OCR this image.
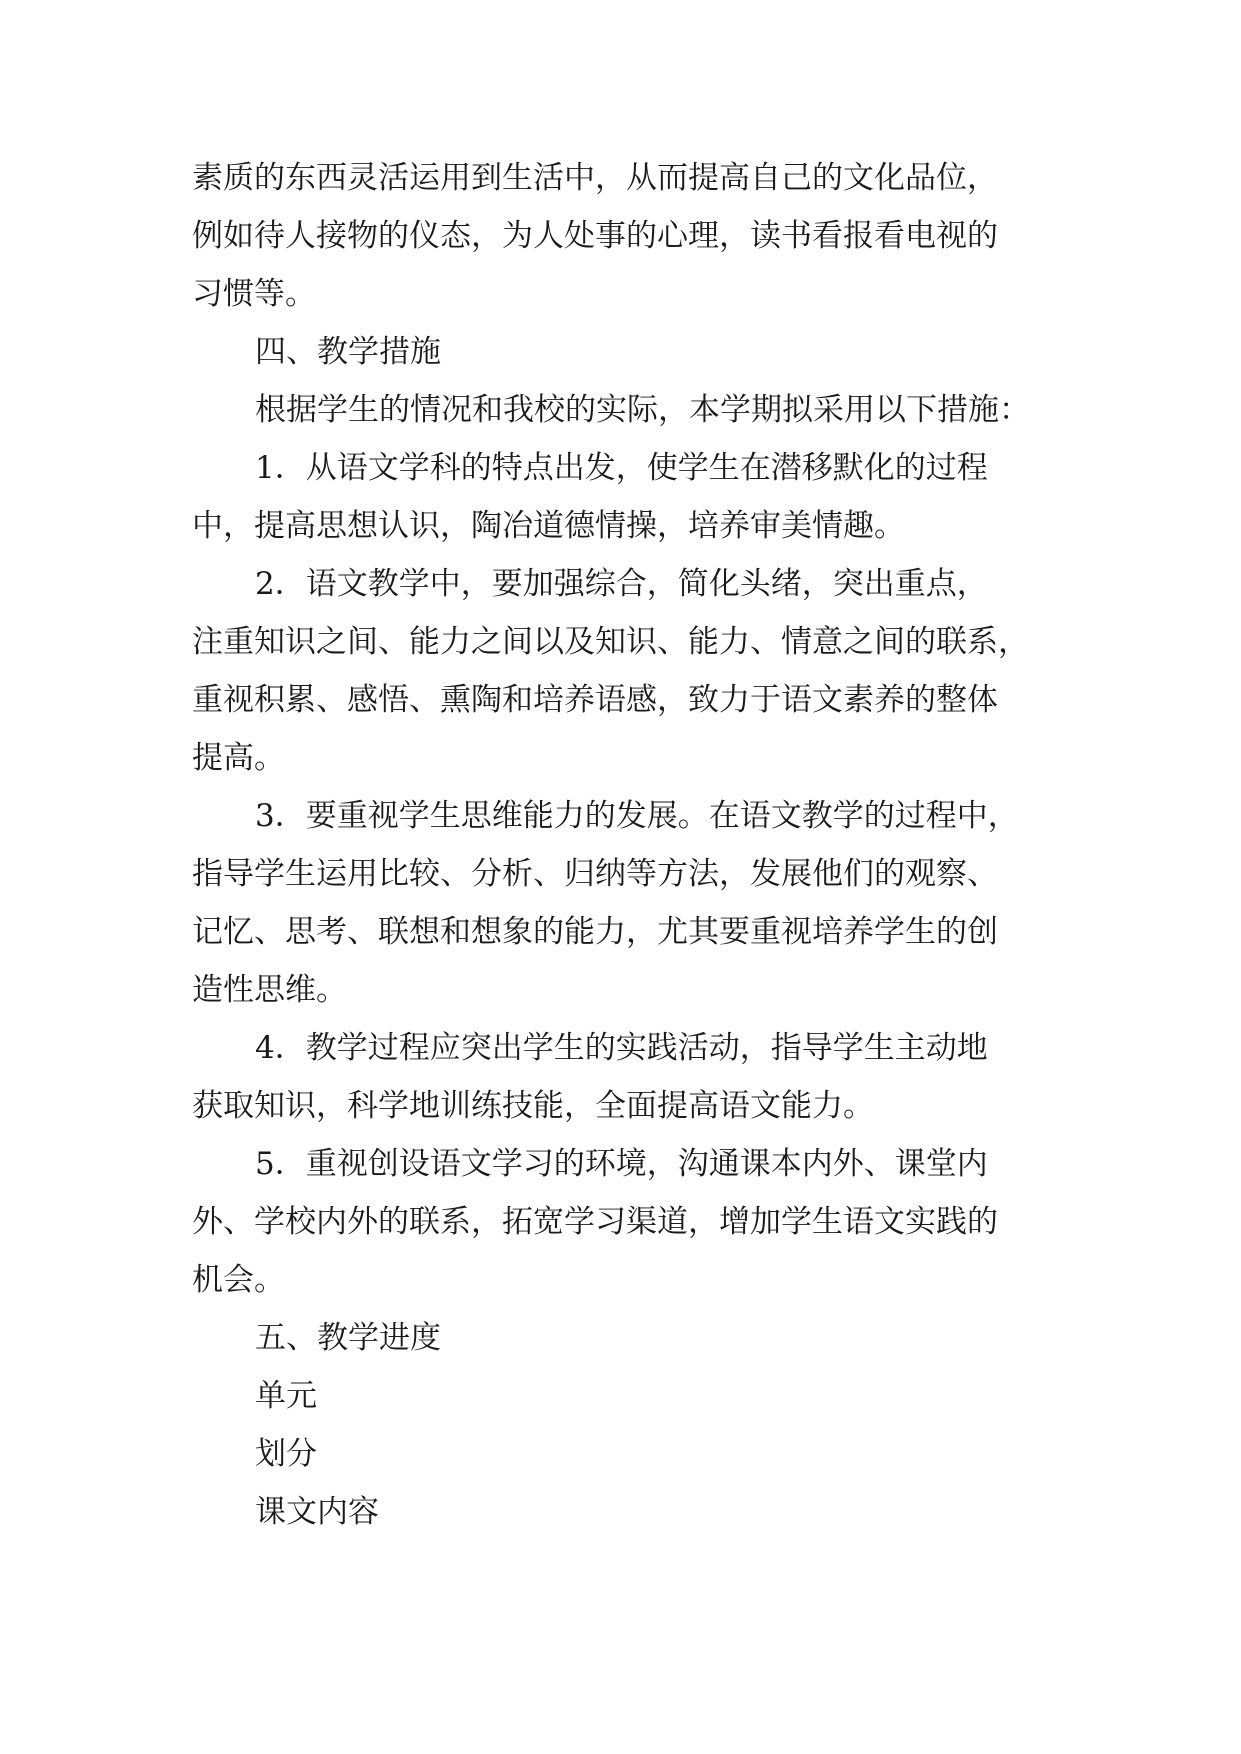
素质的东西灵活运用到生活中，从而提高自己的文化品位，
例如待人接物的仪态，为人处事的心理，读书看报看电视的
习惯等。
四、教学措施
根据学生的情况和我校的实际，本学期拟采用以下措施：
1．从语文学科的特点出发，使学生在潜移默化的过程
中，提高思想认识，陶冶道德情操，培养审美情趣。
2．语文教学中，要加强综合，简化头绪，突出重点，
注重知识之间、能力之间以及知识、能力、情意之间的联系，
重视积累、感悟、熏陶和培养语感，致力于语文素养的整体
提高。
3．要重视学生思维能力的发展。在语文教学的过程中，
指导学生运用比较、分析、归纳等方法，发展他们的观察、
记忆、思考、联想和想象的能力，尤其要重视培养学生的创
造性思维。
4．教学过程应突出学生的实践活动，指导学生主动地
获取知识，科学地训练技能，全面提高语文能力。
5．重视创设语文学习的环境，沟通课本内外、课堂内
外、学校内外的联系，拓宽学习渠道，增加学生语文实践的
机会。
五、教学进度
单元
划分
课文内容
